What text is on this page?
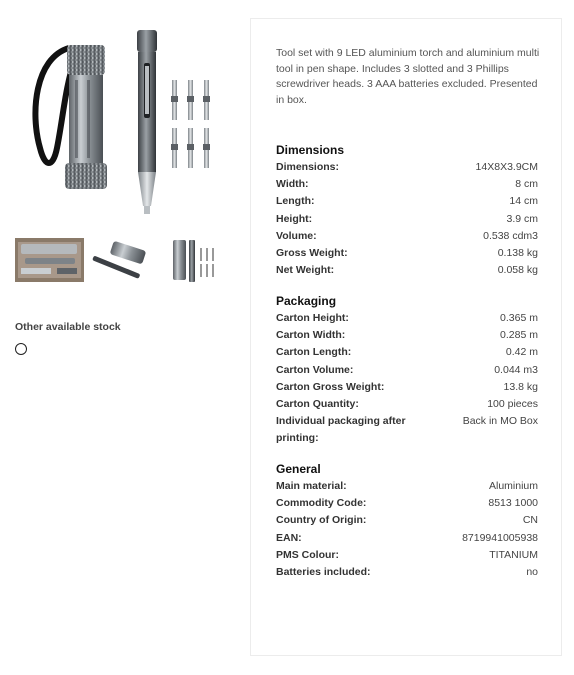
Other available stock

Tool set with 9 LED aluminium torch and aluminium multi tool in pen shape. Includes 3 slotted and 3 Phillips screwdriver heads. 3 AAA batteries excluded. Presented in box.

Dimensions
Dimensions:	14X8X3.9CM
Width:	8 cm
Length:	14 cm
Height:	3.9 cm
Volume:	0.538 cdm3
Gross Weight:	0.138 kg
Net Weight:	0.058 kg
Packaging
Carton Height:	0.365 m
Carton Width:	0.285 m
Carton Length:	0.42 m
Carton Volume:	0.044 m3
Carton Gross Weight:	13.8 kg
Carton Quantity:	100 pieces
Individual packaging after printing:
Back in MO Box
General
Main material:	Aluminium
Commodity Code:	8513 1000
Country of Origin:	CN
EAN:	8719941005938
PMS Colour:	TITANIUM
Batteries included:	no
